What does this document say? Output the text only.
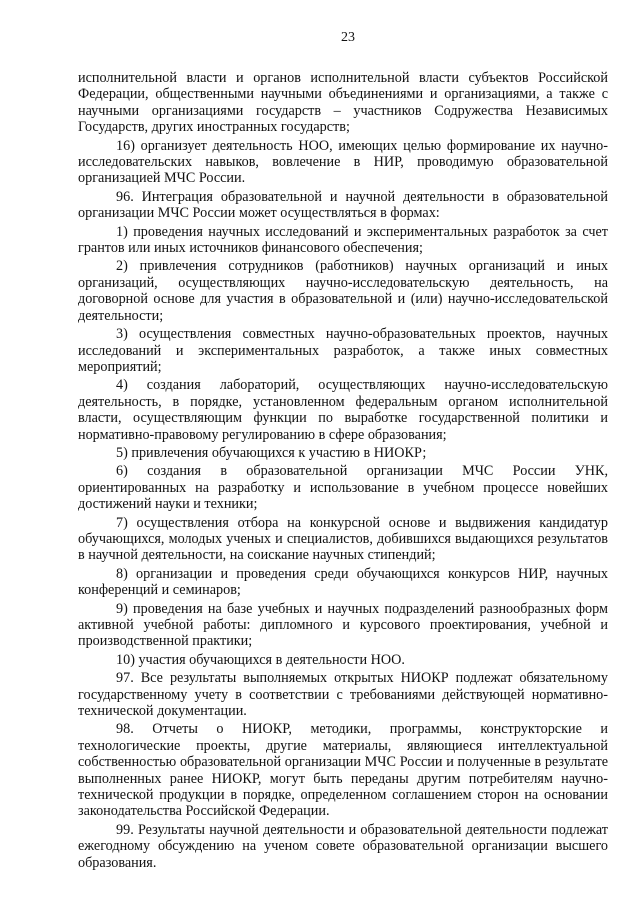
23

исполнительной власти и органов исполнительной власти субъектов Российской Федерации, общественными научными объединениями и организациями, а также с научными организациями государств – участников Содружества Независимых Государств, других иностранных государств;

16) организует деятельность НОО, имеющих целью формирование их научно-исследовательских навыков, вовлечение в НИР, проводимую образовательной организацией МЧС России.

96. Интеграция образовательной и научной деятельности в образовательной организации МЧС России может осуществляться в формах:

1) проведения научных исследований и экспериментальных разработок за счет грантов или иных источников финансового обеспечения;

2) привлечения сотрудников (работников) научных организаций и иных организаций, осуществляющих научно-исследовательскую деятельность, на договорной основе для участия в образовательной и (или) научно-исследовательской деятельности;

3) осуществления совместных научно-образовательных проектов, научных исследований и экспериментальных разработок, а также иных совместных мероприятий;

4) создания лабораторий, осуществляющих научно-исследовательскую деятельность, в порядке, установленном федеральным органом исполнительной власти, осуществляющим функции по выработке государственной политики и нормативно-правовому регулированию в сфере образования;

5) привлечения обучающихся к участию в НИОКР;

6) создания в образовательной организации МЧС России УНК, ориентированных на разработку и использование в учебном процессе новейших достижений науки и техники;

7) осуществления отбора на конкурсной основе и выдвижения кандидатур обучающихся, молодых ученых и специалистов, добившихся выдающихся результатов в научной деятельности, на соискание научных стипендий;

8) организации и проведения среди обучающихся конкурсов НИР, научных конференций и семинаров;

9) проведения на базе учебных и научных подразделений разнообразных форм активной учебной работы: дипломного и курсового проектирования, учебной и производственной практики;

10) участия обучающихся в деятельности НОО.

97. Все результаты выполняемых открытых НИОКР подлежат обязательному государственному учету в соответствии с требованиями действующей нормативно-технической документации.

98. Отчеты о НИОКР, методики, программы, конструкторские и технологические проекты, другие материалы, являющиеся интеллектуальной собственностью образовательной организации МЧС России и полученные в результате выполненных ранее НИОКР, могут быть переданы другим потребителям научно-технической продукции в порядке, определенном соглашением сторон на основании законодательства Российской Федерации.

99. Результаты научной деятельности и образовательной деятельности подлежат ежегодному обсуждению на ученом совете образовательной организации высшего образования.
